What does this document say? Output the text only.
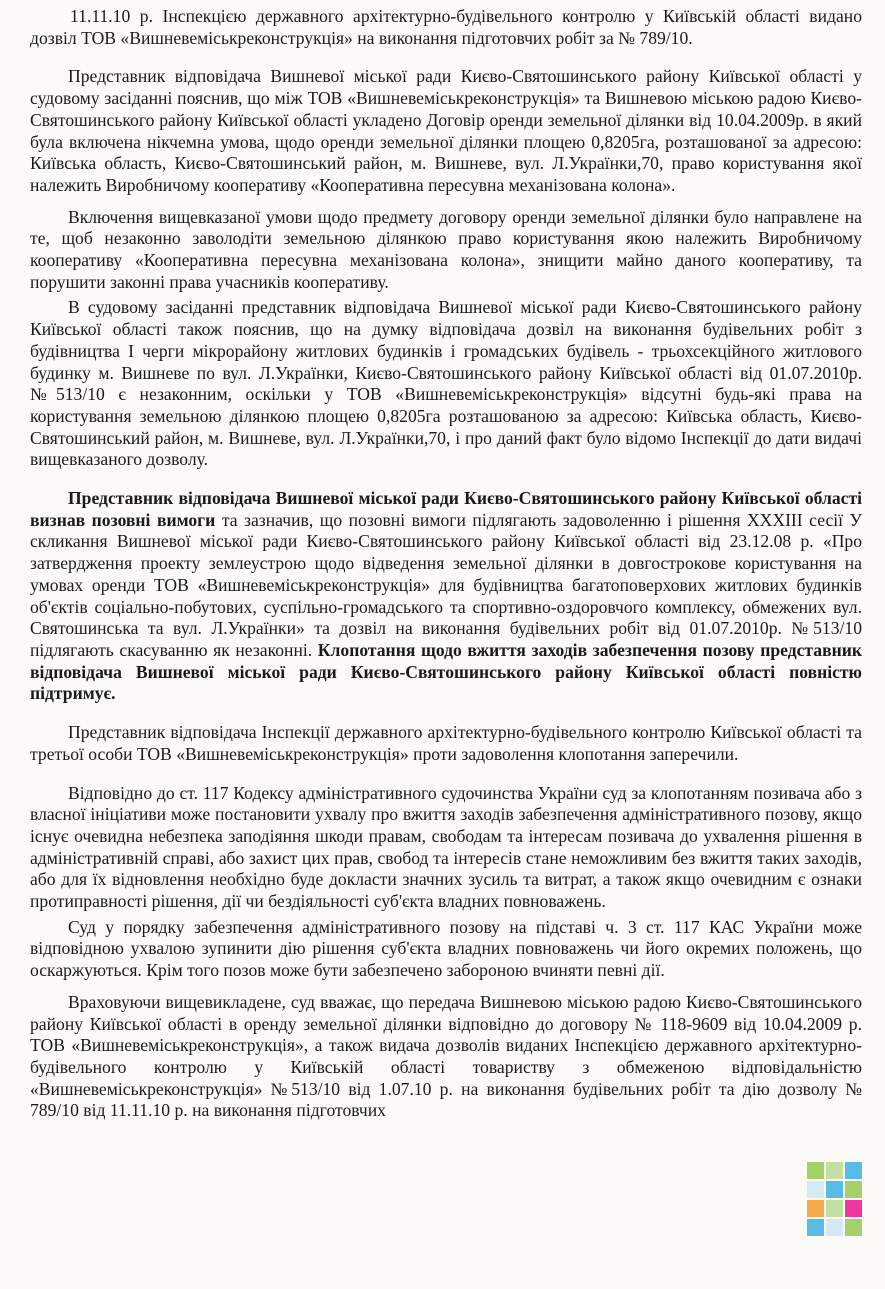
11.11.10 р. Інспекцією державного архітектурно-будівельного контролю у Київській області видано дозвіл ТОВ «Вишневеміськреконструкція» на виконання підготовчих робіт за № 789/10.

Представник відповідача Вишневої міської ради Києво-Святошинського району Київської області у судовому засіданні пояснив, що між ТОВ «Вишневеміськреконструкція» та Вишневою міською радою Києво-Святошинського району Київської області укладено Договір оренди земельної ділянки від 10.04.2009р. в який була включена нікчемна умова, щодо оренди земельної ділянки площею 0,8205га, розташованої за адресою: Київська область, Києво-Святошинський район, м. Вишневе, вул. Л.Українки,70, право користування якої належить Виробничому кооперативу «Кооперативна пересувна механізована колона».

Включення вищевказаної умови щодо предмету договору оренди земельної ділянки було направлене на те, щоб незаконно заволодіти земельною ділянкою право користування якою належить Виробничому кооперативу «Кооперативна пересувна механізована колона», знищити майно даного кооперативу, та порушити законні права учасників кооперативу.

В судовому засіданні представник відповідача Вишневої міської ради Києво-Святошинського району Київської області також пояснив, що на думку відповідача дозвіл на виконання будівельних робіт з будівництва I черги мікрорайону житлових будинків і громадських будівель - трьохсекційного житлового будинку м. Вишневе по вул. Л.Українки, Києво-Святошинського району Київської області від 01.07.2010р. №513/10 є незаконним, оскільки у ТОВ «Вишневеміськреконструкція» відсутні будь-які права на користування земельною ділянкою площею 0,8205га розташованою за адресою: Київська область, Києво-Святошинський район, м. Вишневе, вул. Л.Українки,70, і про даний факт було відомо Інспекції до дати видачі вищевказаного дозволу.

Представник відповідача Вишневої міської ради Києво-Святошинського району Київської області визнав позовні вимоги та зазначив, що позовні вимоги підлягають задоволенню і рішення XXXIII сесії У скликання Вишневої міської ради Києво-Святошинського району Київської області від 23.12.08 р. «Про затвердження проекту землеустрою щодо відведення земельної ділянки в довгострокове користування на умовах оренди ТОВ «Вишневеміськреконструкція» для будівництва багатоповерхових житлових будинків об'єктів соціально-побутових, суспільно-громадського та спортивно-оздоровчого комплексу, обмежених вул. Святошинська та вул. Л.Українки» та дозвіл на виконання будівельних робіт від 01.07.2010р. №513/10 підлягають скасуванню як незаконні. Клопотання щодо вжиття заходів забезпечення позову представник відповідача Вишневої міської ради Києво-Святошинського району Київської області повністю підтримує.

Представник відповідача Інспекції державного архітектурно-будівельного контролю Київської області та третьої особи ТОВ «Вишневеміськреконструкція» проти задоволення клопотання заперечили.

Відповідно до ст. 117 Кодексу адміністративного судочинства України суд за клопотанням позивача або з власної ініціативи може постановити ухвалу про вжиття заходів забезпечення адміністративного позову, якщо існує очевидна небезпека заподіяння шкоди правам, свободам та інтересам позивача до ухвалення рішення в адміністративній справі, або захист цих прав, свобод та інтересів стане неможливим без вжиття таких заходів, або для їх відновлення необхідно буде докласти значних зусиль та витрат, а також якщо очевидним є ознаки протиправності рішення, дії чи бездіяльності суб'єкта владних повноважень.

Суд у порядку забезпечення адміністративного позову на підставі ч. 3 ст. 117 КАС України може відповідною ухвалою зупинити дію рішення суб'єкта владних повноважень чи його окремих положень, що оскаржуються. Крім того позов може бути забезпечено забороною вчиняти певні дії.

Враховуючи вищевикладене, суд вважає, що передача Вишневою міською радою Києво-Святошинського району Київської області в оренду земельної ділянки відповідно до договору № 118-9609 від 10.04.2009 р. ТОВ «Вишневеміськреконструкція», а також видача дозволів виданих Інспекцією державного архітектурно-будівельного контролю у Київській області товариству з обмеженою відповідальністю «Вишневеміськреконструкція» №513/10 від 1.07.10 р. на виконання будівельних робіт та дію дозволу № 789/10 від 11.11.10 р. на виконання підготовчих
